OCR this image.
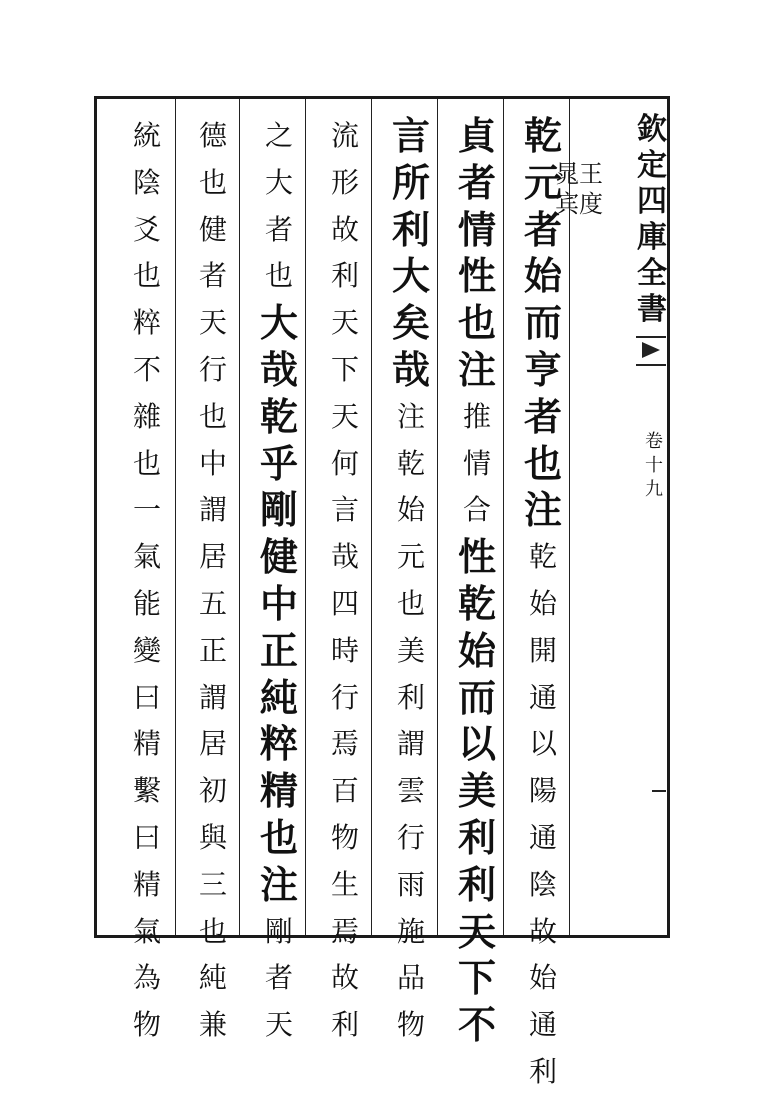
王
度
晁
宾
乾
元
者
始
而
亨
者
也
注
乾
始
開
通
以
陽
通
陰
故
始
通
利
貞
者
情
性
也
注
推
情
合
性
乾
始
而
以
美
利
利
天
下
不
言
所
利
大
矣
哉
注
乾
始
元
也
美
利
謂
雲
行
雨
施
品
物
流
形
故
利
天
下
天
何
言
哉
四
時
行
焉
百
物
生
焉
故
利
之
大
者
也
大
哉
乾
乎
剛
健
中
正
純
粹
精
也
注
剛
者
天
德
也
健
者
天
行
也
中
謂
居
五
正
謂
居
初
與
三
也
純
兼
統
陰
爻
也
粹
不
雜
也
一
氣
能
變
曰
精
繫
曰
精
氣
為
物
欽
定
四
庫
全
書
卷
十
九
